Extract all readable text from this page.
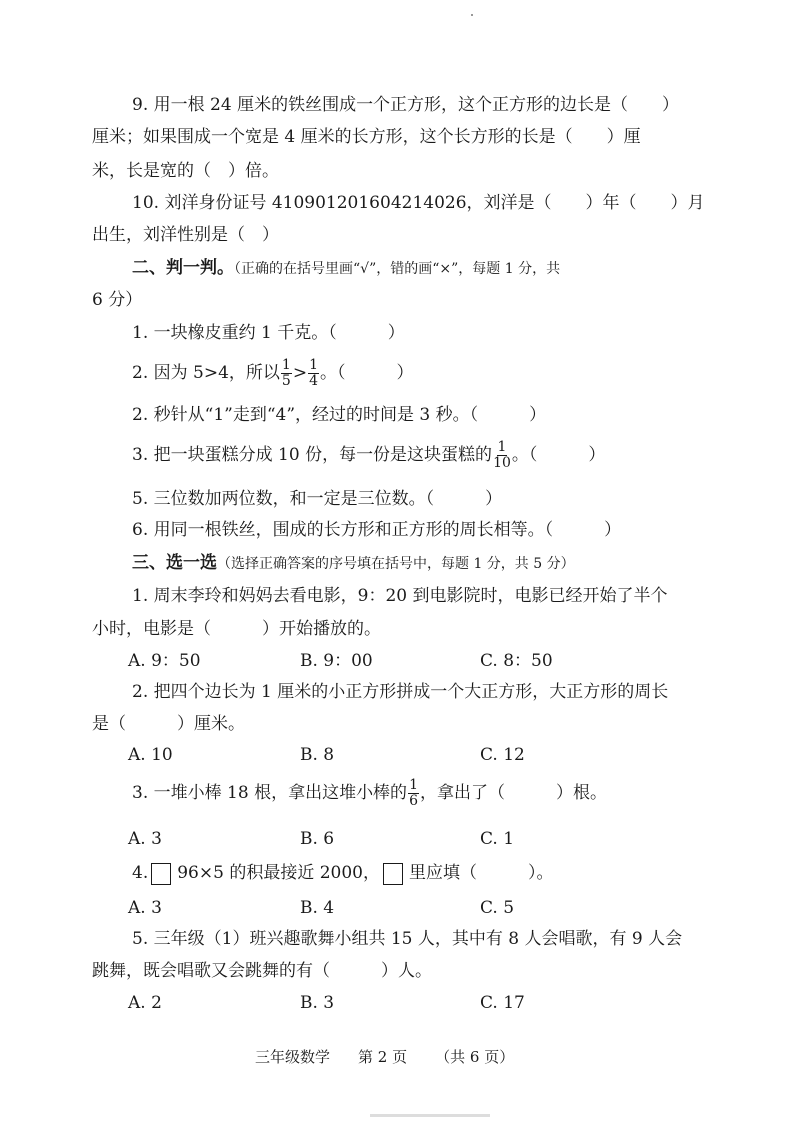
9. 用一根 24 厘米的铁丝围成一个正方形，这个正方形的边长是（　　）
厘米；如果围成一个宽是 4 厘米的长方形，这个长方形的长是（　　）厘
米，长是宽的（　）倍。
10. 刘洋身份证号 410901201604214026，刘洋是（　　）年（　　）月
出生，刘洋性别是（　）
二、判一判。（正确的在括号里画“√”，错的画“×”，每题 1 分，共
6 分）
1. 一块橡皮重约 1 千克。（　　　）
2. 因为 5>4，所以 $\frac{1}{5} > \frac{1}{4}$ 。（　　　）
2. 秒针从“1”走到“4”，经过的时间是 3 秒。（　　　）
3. 把一块蛋糕分成 10 份，每一份是这块蛋糕的 $\frac{1}{10}$ 。（　　　）
5. 三位数加两位数，和一定是三位数。（　　　）
6. 用同一根铁丝，围成的长方形和正方形的周长相等。（　　　）
三、选一选（选择正确答案的序号填在括号中，每题 1 分，共 5 分）
1. 周末李玲和妈妈去看电影，9：20 到电影院时，电影已经开始了半个
小时，电影是（　　　）开始播放的。
A. 9：50	B. 9：00	C. 8：50
2. 把四个边长为 1 厘米的小正方形拼成一个大正方形，大正方形的周长
是（　　　）厘米。
A. 10	B. 8	C. 12
3. 一堆小棒 18 根，拿出这堆小棒的 $\frac{1}{6}$ ，拿出了（　　　）根。
A. 3	B. 6	C. 1
4. 96×5 的积最接近 2000， 里应填（　　　）。
A. 3	B. 4	C. 5
5. 三年级（1）班兴趣歌舞小组共 15 人，其中有 8 人会唱歌，有 9 人会
跳舞，既会唱歌又会跳舞的有（　　　）人。
A. 2	B. 3	C. 17
三年级数学 第 2 页 （共 6 页）
